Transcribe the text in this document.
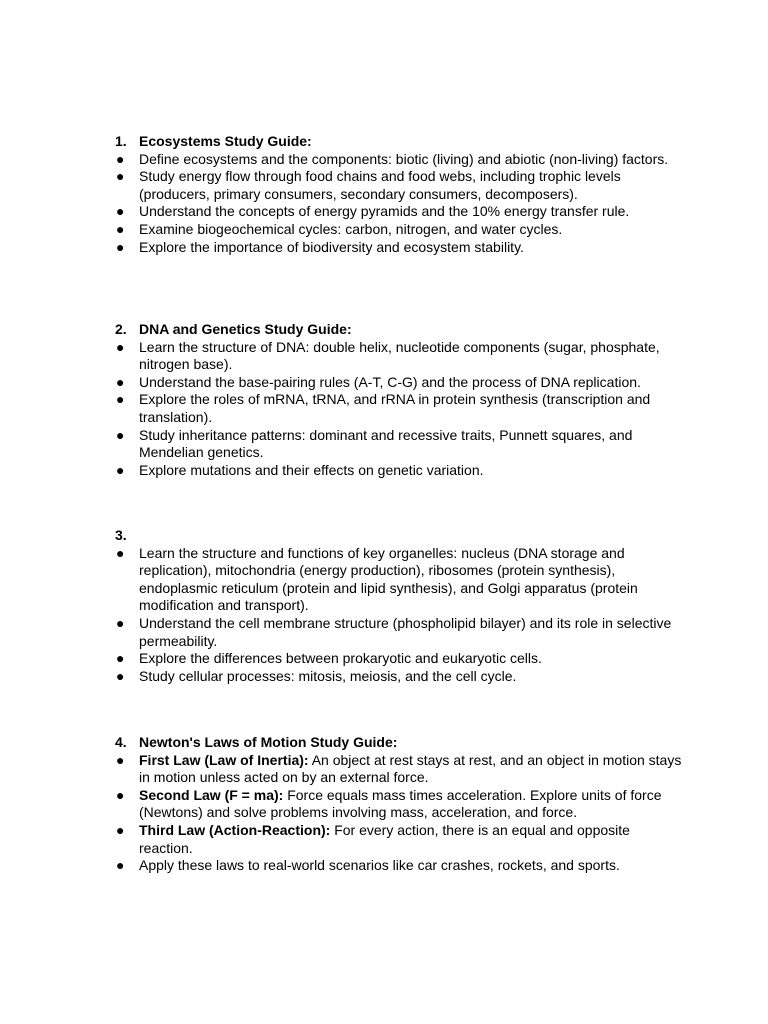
1. Ecosystems Study Guide:
● Define ecosystems and the components: biotic (living) and abiotic (non-living) factors.
● Study energy flow through food chains and food webs, including trophic levels (producers, primary consumers, secondary consumers, decomposers).
● Understand the concepts of energy pyramids and the 10% energy transfer rule.
● Examine biogeochemical cycles: carbon, nitrogen, and water cycles.
● Explore the importance of biodiversity and ecosystem stability.
2. DNA and Genetics Study Guide:
● Learn the structure of DNA: double helix, nucleotide components (sugar, phosphate, nitrogen base).
● Understand the base-pairing rules (A-T, C-G) and the process of DNA replication.
● Explore the roles of mRNA, tRNA, and rRNA in protein synthesis (transcription and translation).
● Study inheritance patterns: dominant and recessive traits, Punnett squares, and Mendelian genetics.
● Explore mutations and their effects on genetic variation.
3.
● Learn the structure and functions of key organelles: nucleus (DNA storage and replication), mitochondria (energy production), ribosomes (protein synthesis), endoplasmic reticulum (protein and lipid synthesis), and Golgi apparatus (protein modification and transport).
● Understand the cell membrane structure (phospholipid bilayer) and its role in selective permeability.
● Explore the differences between prokaryotic and eukaryotic cells.
● Study cellular processes: mitosis, meiosis, and the cell cycle.
4. Newton's Laws of Motion Study Guide:
● First Law (Law of Inertia): An object at rest stays at rest, and an object in motion stays in motion unless acted on by an external force.
● Second Law (F = ma): Force equals mass times acceleration. Explore units of force (Newtons) and solve problems involving mass, acceleration, and force.
● Third Law (Action-Reaction): For every action, there is an equal and opposite reaction.
● Apply these laws to real-world scenarios like car crashes, rockets, and sports.
